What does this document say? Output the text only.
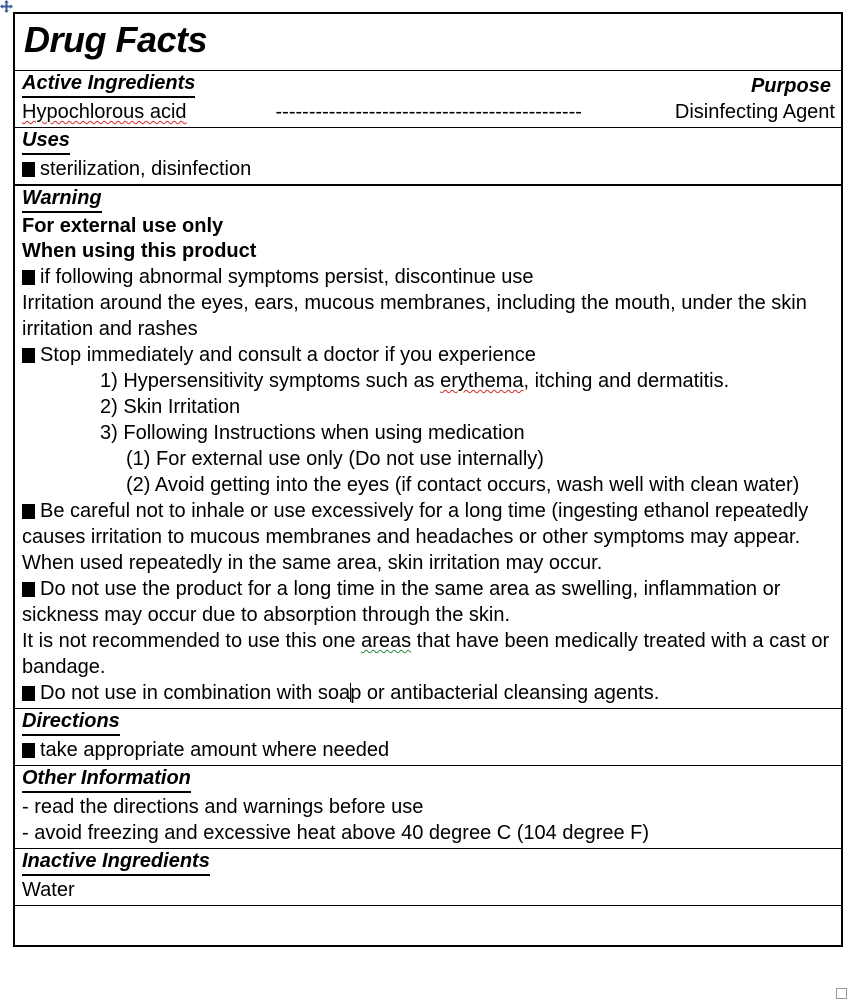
Drug Facts
Active Ingredients	Purpose
Hypochlorous acid	----------------------------------------------	Disinfecting Agent
Uses
sterilization, disinfection
Warning
For external use only
When using this product
if following abnormal symptoms persist, discontinue use
Irritation around the eyes, ears, mucous membranes, including the mouth, under the skin irritation and rashes
Stop immediately and consult a doctor if you experience
1) Hypersensitivity symptoms such as erythema, itching and dermatitis.
2) Skin Irritation
3) Following Instructions when using medication
(1) For external use only (Do not use internally)
(2) Avoid getting into the eyes (if contact occurs, wash well with clean water)
Be careful not to inhale or use excessively for a long time (ingesting ethanol repeatedly causes irritation to mucous membranes and headaches or other symptoms may appear. When used repeatedly in the same area, skin irritation may occur.
Do not use the product for a long time in the same area as swelling, inflammation or sickness may occur due to absorption through the skin.
It is not recommended to use this one areas that have been medically treated with a cast or bandage.
Do not use in combination with soap or antibacterial cleansing agents.
Directions
take appropriate amount where needed
Other Information
- read the directions and warnings before use
- avoid freezing and excessive heat above 40 degree C (104 degree F)
Inactive Ingredients
Water
